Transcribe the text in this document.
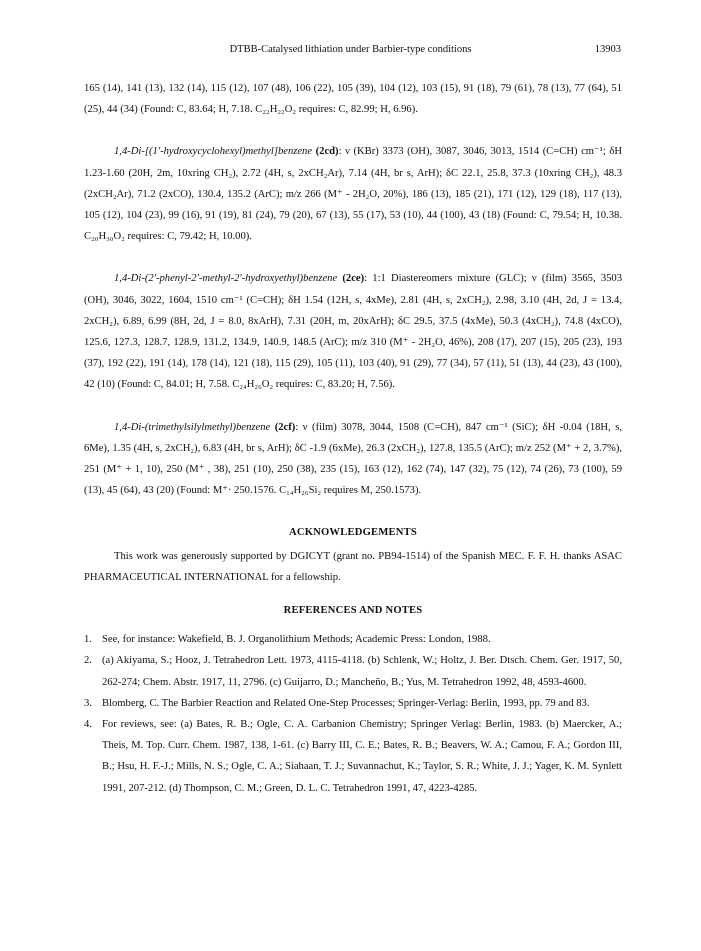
DTBB-Catalysed lithiation under Barbier-type conditions	13903

165 (14), 141 (13), 132 (14), 115 (12), 107 (48), 106 (22), 105 (39), 104 (12), 103 (15), 91 (18), 79 (61), 78 (13), 77 (64), 51 (25), 44 (34) (Found: C, 83.64; H, 7.18. C₂₂H₂₂O₂ requires: C, 82.99; H, 6.96).

1,4-Di-[(1'-hydroxycyclohexyl)methyl]benzene (2cd): ν (KBr) 3373 (OH), 3087, 3046, 3013, 1514 (C=CH) cm⁻¹; δH 1.23-1.60 (20H, 2m, 10xring CH₂), 2.72 (4H, s, 2xCH₂Ar), 7.14 (4H, br s, ArH); δC 22.1, 25.8, 37.3 (10xring CH₂), 48.3 (2xCH₂Ar), 71.2 (2xCO), 130.4, 135.2 (ArC); m/z 266 (M⁺ - 2H₂O, 20%), 186 (13), 185 (21), 171 (12), 129 (18), 117 (13), 105 (12), 104 (23), 99 (16), 91 (19), 81 (24), 79 (20), 67 (13), 55 (17), 53 (10), 44 (100), 43 (18) (Found: C, 79.54; H, 10.38. C₂₀H₃₀O₂ requires: C, 79.42; H, 10.00).

1,4-Di-(2'-phenyl-2'-methyl-2'-hydroxyethyl)benzene (2ce): 1:1 Diastereomers mixture (GLC); ν (film) 3565, 3503 (OH), 3046, 3022, 1604, 1510 cm⁻¹ (C=CH); δH 1.54 (12H, s, 4xMe), 2.81 (4H, s, 2xCH₂), 2.98, 3.10 (4H, 2d, J = 13.4, 2xCH₂), 6.89, 6.99 (8H, 2d, J = 8.0, 8xArH), 7.31 (20H, m, 20xArH); δC 29.5, 37.5 (4xMe), 50.3 (4xCH₂), 74.8 (4xCO), 125.6, 127.3, 128.7, 128.9, 131.2, 134.9, 140.9, 148.5 (ArC); m/z 310 (M⁺ - 2H₂O, 46%), 208 (17), 207 (15), 205 (23), 193 (37), 192 (22), 191 (14), 178 (14), 121 (18), 115 (29), 105 (11), 103 (40), 91 (29), 77 (34), 57 (11), 51 (13), 44 (23), 43 (100), 42 (10) (Found: C, 84.01; H, 7.58. C₂₄H₂₆O₂ requires: C, 83.20; H, 7.56).

1,4-Di-(trimethylsilylmethyl)benzene (2cf): ν (film) 3078, 3044, 1508 (C=CH), 847 cm⁻¹ (SiC); δH -0.04 (18H, s, 6Me), 1.35 (4H, s, 2xCH₂), 6.83 (4H, br s, ArH); δC -1.9 (6xMe), 26.3 (2xCH₂), 127.8, 135.5 (ArC); m/z 252 (M⁺ + 2, 3.7%), 251 (M⁺ + 1, 10), 250 (M⁺ , 38), 251 (10), 250 (38), 235 (15), 163 (12), 162 (74), 147 (32), 75 (12), 74 (26), 73 (100), 59 (13), 45 (64), 43 (20) (Found: M⁺· 250.1576. C₁₄H₂₆Si₂ requires M, 250.1573).

ACKNOWLEDGEMENTS

This work was generously supported by DGICYT (grant no. PB94-1514) of the Spanish MEC. F. F. H. thanks ASAC PHARMACEUTICAL INTERNATIONAL for a fellowship.

REFERENCES AND NOTES
1. See, for instance: Wakefield, B. J. Organolithium Methods; Academic Press: London, 1988.
2. (a) Akiyama, S.; Hooz, J. Tetrahedron Lett. 1973, 4115-4118. (b) Schlenk, W.; Holtz, J. Ber. Dtsch. Chem. Ger. 1917, 50, 262-274; Chem. Abstr. 1917, 11, 2796. (c) Guijarro, D.; Mancheño, B.; Yus, M. Tetrahedron 1992, 48, 4593-4600.
3. Blomberg, C. The Barbier Reaction and Related One-Step Processes; Springer-Verlag: Berlin, 1993, pp. 79 and 83.
4. For reviews, see: (a) Bates, R. B.; Ogle, C. A. Carbanion Chemistry; Springer Verlag: Berlin, 1983. (b) Maercker, A.; Theis, M. Top. Curr. Chem. 1987, 138, 1-61. (c) Barry III, C. E.; Bates, R. B.; Beavers, W. A.; Camou, F. A.; Gordon III, B.; Hsu, H. F.-J.; Mills, N. S.; Ogle, C. A.; Siahaan, T. J.; Suvannachut, K.; Taylor, S. R.; White, J. J.; Yager, K. M. Synlett 1991, 207-212. (d) Thompson, C. M.; Green, D. L. C. Tetrahedron 1991, 47, 4223-4285.
